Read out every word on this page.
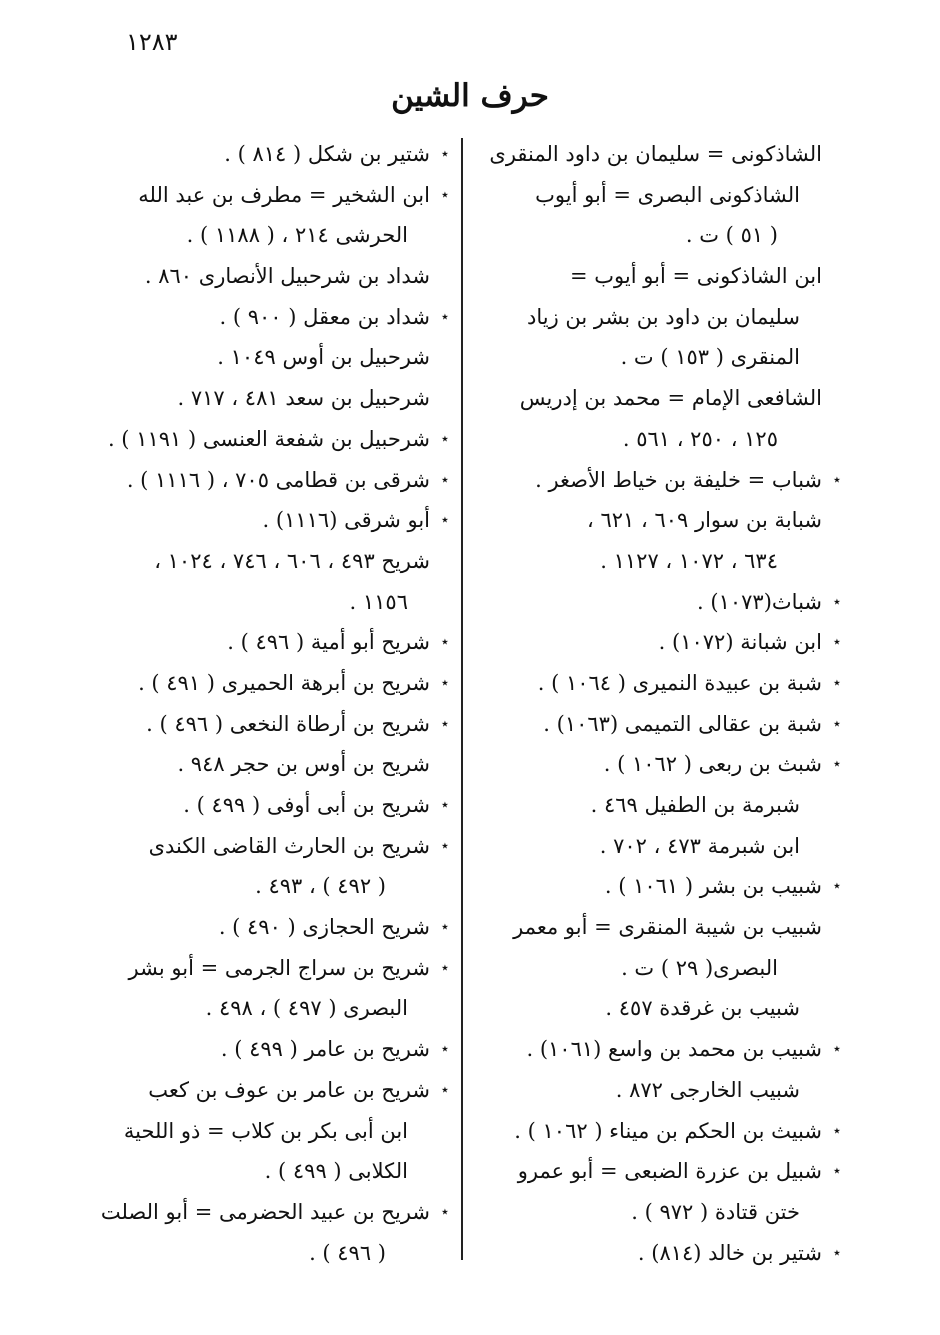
١٢٨٣
حرف الشين
الشاذكونى = سليمان بن داود المنقرى
الشاذكونى البصرى = أبو أيوب
( ٥١ ) ت .
ابن الشاذكونى = أبو أيوب =
سليمان بن داود بن بشر بن زياد
المنقرى ( ١٥٣ ) ت .
الشافعى الإمام = محمد بن إدريس
١٢٥ ، ٢٥٠ ، ٥٦١ .
٭
شباب = خليفة بن خياط الأصغر .
شبابة بن سوار ٦٠٩ ، ٦٢١ ،
٦٣٤ ، ١٠٧٢ ، ١١٢٧ .
٭
شباث(١٠٧٣) .
٭
ابن شبانة (١٠٧٢) .
٭
شبة بن عبيدة النميرى ( ١٠٦٤ ) .
٭
شبة بن عقالى التميمى (١٠٦٣) .
٭
شبث بن ربعى ( ١٠٦٢ ) .
شبرمة بن الطفيل ٤٦٩ .
ابن شبرمة ٤٧٣ ، ٧٠٢ .
٭
شبيب بن بشر ( ١٠٦١ ) .
شبيب بن شيبة المنقرى = أبو معمر
البصرى( ٢٩ ) ت .
شبيب بن غرقدة ٤٥٧ .
٭
شبيب بن محمد بن واسع (١٠٦١) .
شبيب الخارجى ٨٧٢ .
٭
شبيث بن الحكم بن ميناء ( ١٠٦٢ ) .
٭
شبيل بن عزرة الضبعى = أبو عمرو
ختن قتادة ( ٩٧٢ ) .
٭
شتير بن خالد (٨١٤) .
٭
شتير بن شكل ( ٨١٤ ) .
٭
ابن الشخير = مطرف بن عبد الله
الحرشى ٢١٤ ، ( ١١٨٨ ) .
شداد بن شرحبيل الأنصارى ٨٦٠ .
٭
شداد بن معقل ( ٩٠٠ ) .
شرحبيل بن أوس ١٠٤٩ .
شرحبيل بن سعد ٤٨١ ، ٧١٧ .
٭
شرحبيل بن شفعة العنسى ( ١١٩١ ) .
٭
شرقى بن قطامى ٧٠٥ ، ( ١١١٦ ) .
٭
أبو شرقى (١١١٦) .
شريح ٤٩٣ ، ٦٠٦ ، ٧٤٦ ، ١٠٢٤ ،
١١٥٦ .
٭
شريح أبو أمية ( ٤٩٦ ) .
٭
شريح بن أبرهة الحميرى ( ٤٩١ ) .
٭
شريح بن أرطاة النخعى ( ٤٩٦ ) .
شريح بن أوس بن حجر ٩٤٨ .
٭
شريح بن أبى أوفى ( ٤٩٩ ) .
٭
شريح بن الحارث القاضى الكندى
( ٤٩٢ ) ، ٤٩٣ .
٭
شريح الحجازى ( ٤٩٠ ) .
٭
شريح بن سراج الجرمى = أبو بشر
البصرى ( ٤٩٧ ) ، ٤٩٨ .
٭
شريح بن عامر ( ٤٩٩ ) .
٭
شريح بن عامر بن عوف بن كعب
ابن أبى بكر بن كلاب = ذو اللحية
الكلابى ( ٤٩٩ ) .
٭
شريح بن عبيد الحضرمى = أبو الصلت
( ٤٩٦ ) .
